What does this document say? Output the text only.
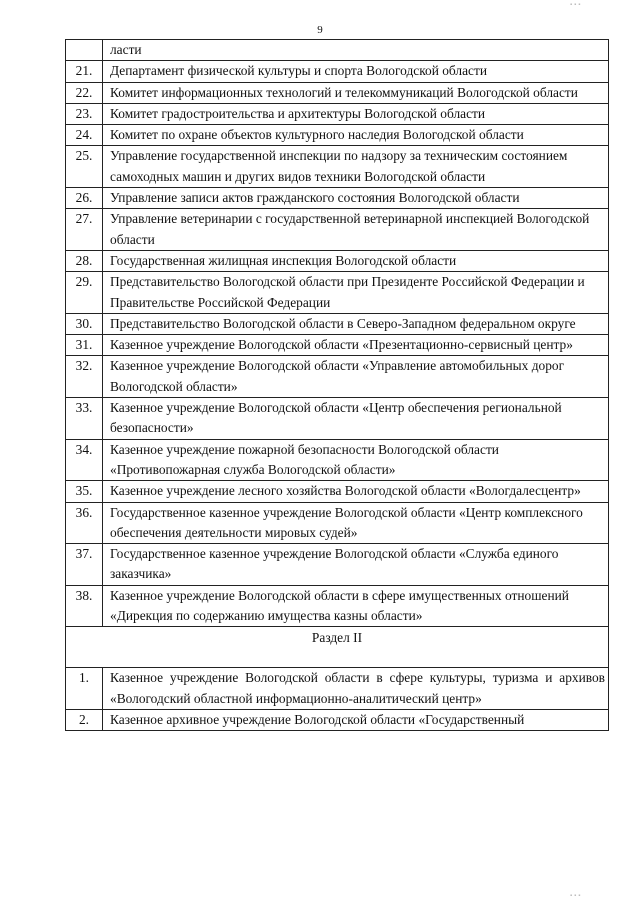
9
	ласти
21.	Департамент физической культуры и спорта Вологодской области
22.	Комитет информационных технологий и телекоммуникаций Вологодской области
23.	Комитет градостроительства и архитектуры Вологодской области
24.	Комитет по охране объектов культурного наследия Вологодской области
25.	Управление государственной инспекции по надзору за техническим состоянием самоходных машин и других видов техники Вологодской области
26.	Управление записи актов гражданского состояния Вологодской области
27.	Управление ветеринарии с государственной ветеринарной инспекцией Вологодской области
28.	Государственная жилищная инспекция Вологодской области
29.	Представительство Вологодской области при Президенте Российской Федерации и Правительстве Российской Федерации
30.	Представительство Вологодской области в Северо-Западном федеральном округе
31.	Казенное учреждение Вологодской области «Презентационно-сервисный центр»
32.	Казенное учреждение Вологодской области «Управление автомобильных дорог Вологодской области»
33.	Казенное учреждение Вологодской области «Центр обеспечения региональной безопасности»
34.	Казенное учреждение пожарной безопасности Вологодской области «Противопожарная служба Вологодской области»
35.	Казенное учреждение лесного хозяйства Вологодской области «Вологдалесцентр»
36.	Государственное казенное учреждение Вологодской области «Центр комплексного обеспечения деятельности мировых судей»
37.	Государственное казенное учреждение Вологодской области «Служба единого заказчика»
38.	Казенное учреждение Вологодской области в сфере имущественных отношений «Дирекция по содержанию имущества казны области»
Раздел II	
1.	Казенное учреждение Вологодской области в сфере культуры, туризма и архивов «Вологодский областной информационно-аналитический центр»
2.	Казенное архивное учреждение Вологодской области «Государственный
▪▪▪
▪▪▪
